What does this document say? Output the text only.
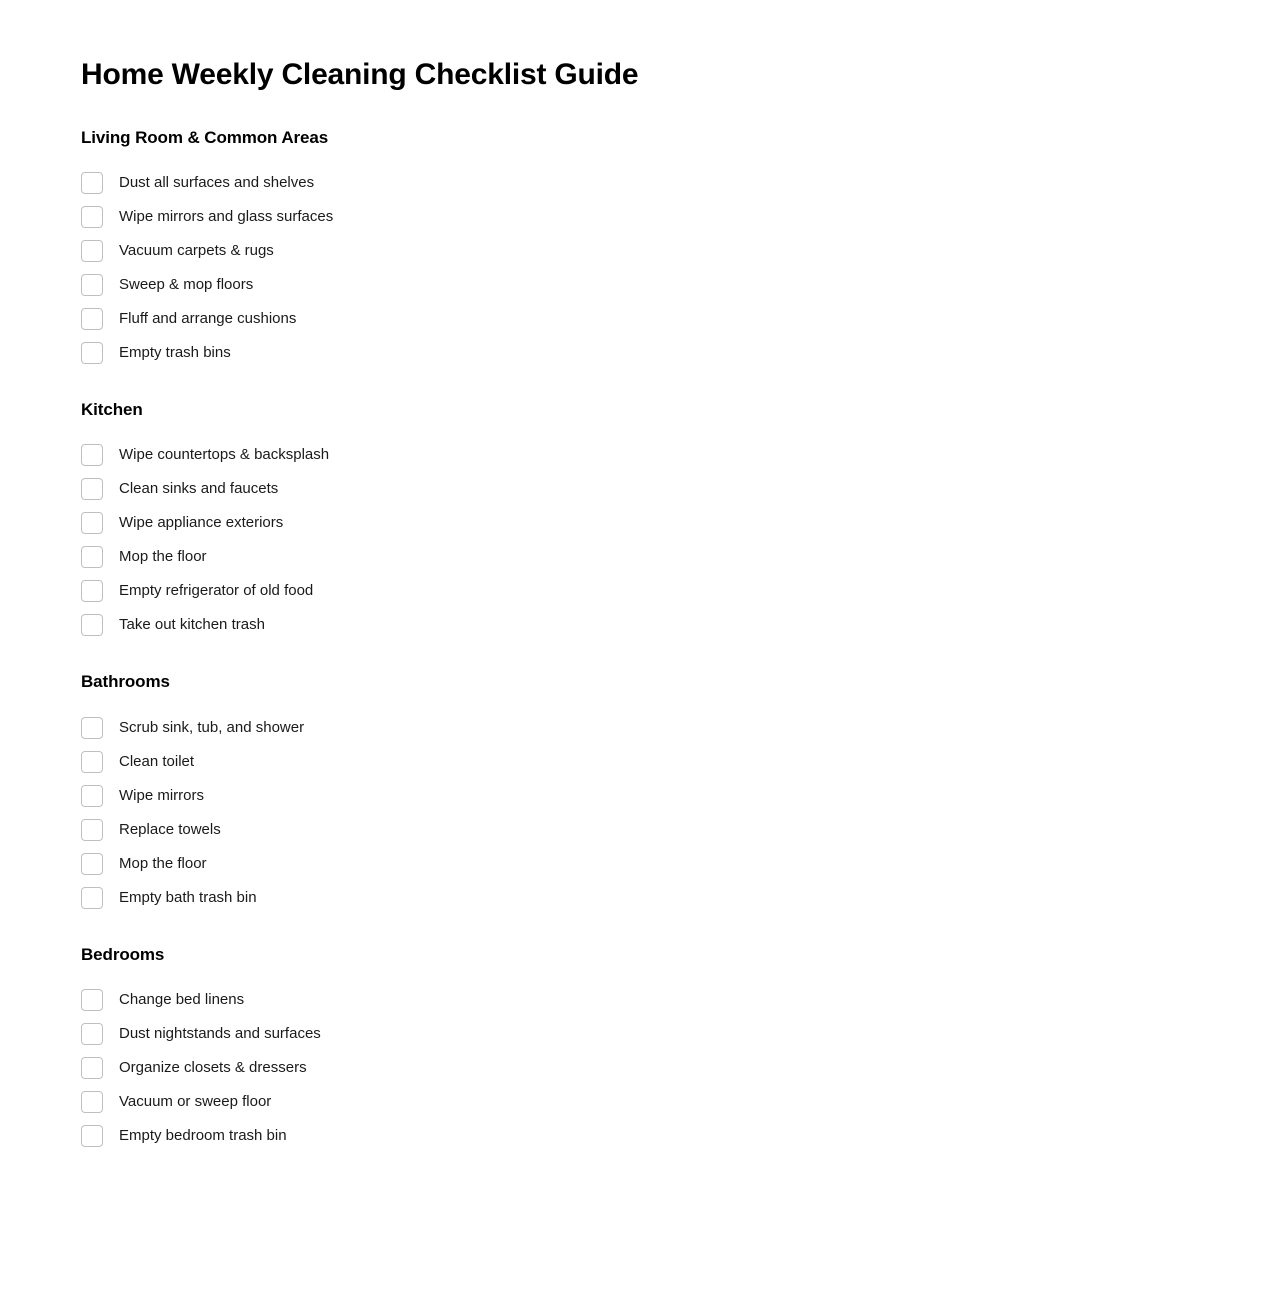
Home Weekly Cleaning Checklist Guide
Living Room & Common Areas
Dust all surfaces and shelves
Wipe mirrors and glass surfaces
Vacuum carpets & rugs
Sweep & mop floors
Fluff and arrange cushions
Empty trash bins
Kitchen
Wipe countertops & backsplash
Clean sinks and faucets
Wipe appliance exteriors
Mop the floor
Empty refrigerator of old food
Take out kitchen trash
Bathrooms
Scrub sink, tub, and shower
Clean toilet
Wipe mirrors
Replace towels
Mop the floor
Empty bath trash bin
Bedrooms
Change bed linens
Dust nightstands and surfaces
Organize closets & dressers
Vacuum or sweep floor
Empty bedroom trash bin
